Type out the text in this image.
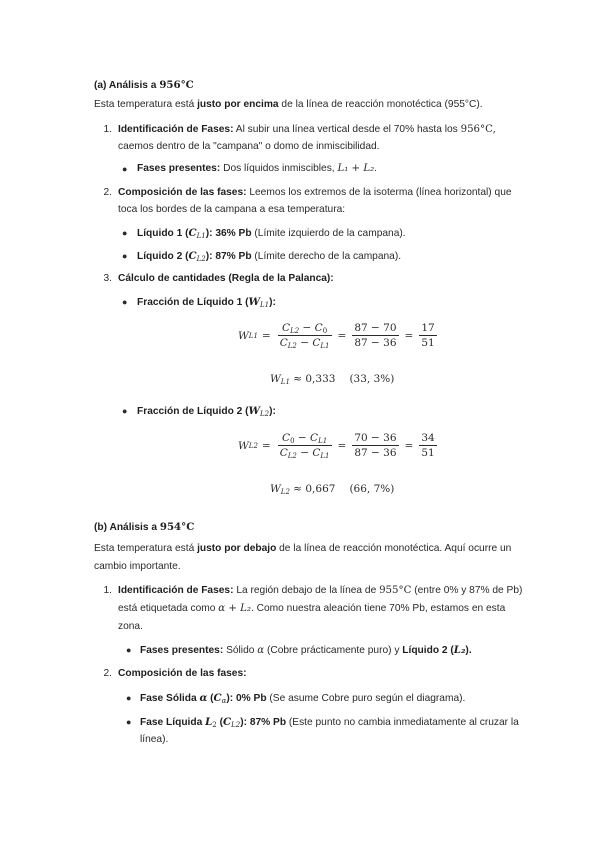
(a) Análisis a 956°C
Esta temperatura está justo por encima de la línea de reacción monotéctica (955°C).
1. Identificación de Fases: Al subir una línea vertical desde el 70% hasta los 956°C,
caemos dentro de la "campana" o domo de inmiscibilidad.
● Fases presentes: Dos líquidos inmiscibles, L₁ + L₂.
2. Composición de las fases: Leemos los extremos de la isoterma (línea horizontal) que
toca los bordes de la campana a esa temperatura:
● Líquido 1 $(C_{L1})$: 36% Pb (Límite izquierdo de la campana).
● Líquido 2 $(C_{L2})$: 87% Pb (Límite derecho de la campana).
3. Cálculo de cantidades (Regla de la Palanca):
● Fracción de Líquido 1 $(W_{L1})$:
W $L1 = \frac{C_{L2} - C_0}{C_{L2} - C_{L1}} = \frac{87 - 70}{87 - 36} = \frac{17}{51}$
$W_{L1} \approx 0,333$ (33, 3%)
● Fracción de Líquido 2 $(W_{L2})$:
W $L2 = \frac{C_0 - C_{L1}}{C_{L2} - C_{L1}} = \frac{70 - 36}{87 - 36} = \frac{34}{51}$
$W_{L2} \approx 0,667$ (66, 7%)
(b) Análisis a 954°C
Esta temperatura está justo por debajo de la línea de reacción monotéctica. Aquí ocurre un
cambio importante.
1. Identificación de Fases: La región debajo de la línea de 955°C (entre 0% y 87% de Pb)
está etiquetada como α + L₂. Como nuestra aleación tiene 70% Pb, estamos en esta
zona.
● Fases presentes: Sólido α (Cobre prácticamente puro) y Líquido 2 (L₂).
2. Composición de las fases:
● Fase Sólida α $(C_\alpha)$: 0% Pb (Se asume Cobre puro según el diagrama).
● Fase Líquida $L_2$ $(C_{L2})$: 87% Pb (Este punto no cambia inmediatamente al cruzar la
línea).
